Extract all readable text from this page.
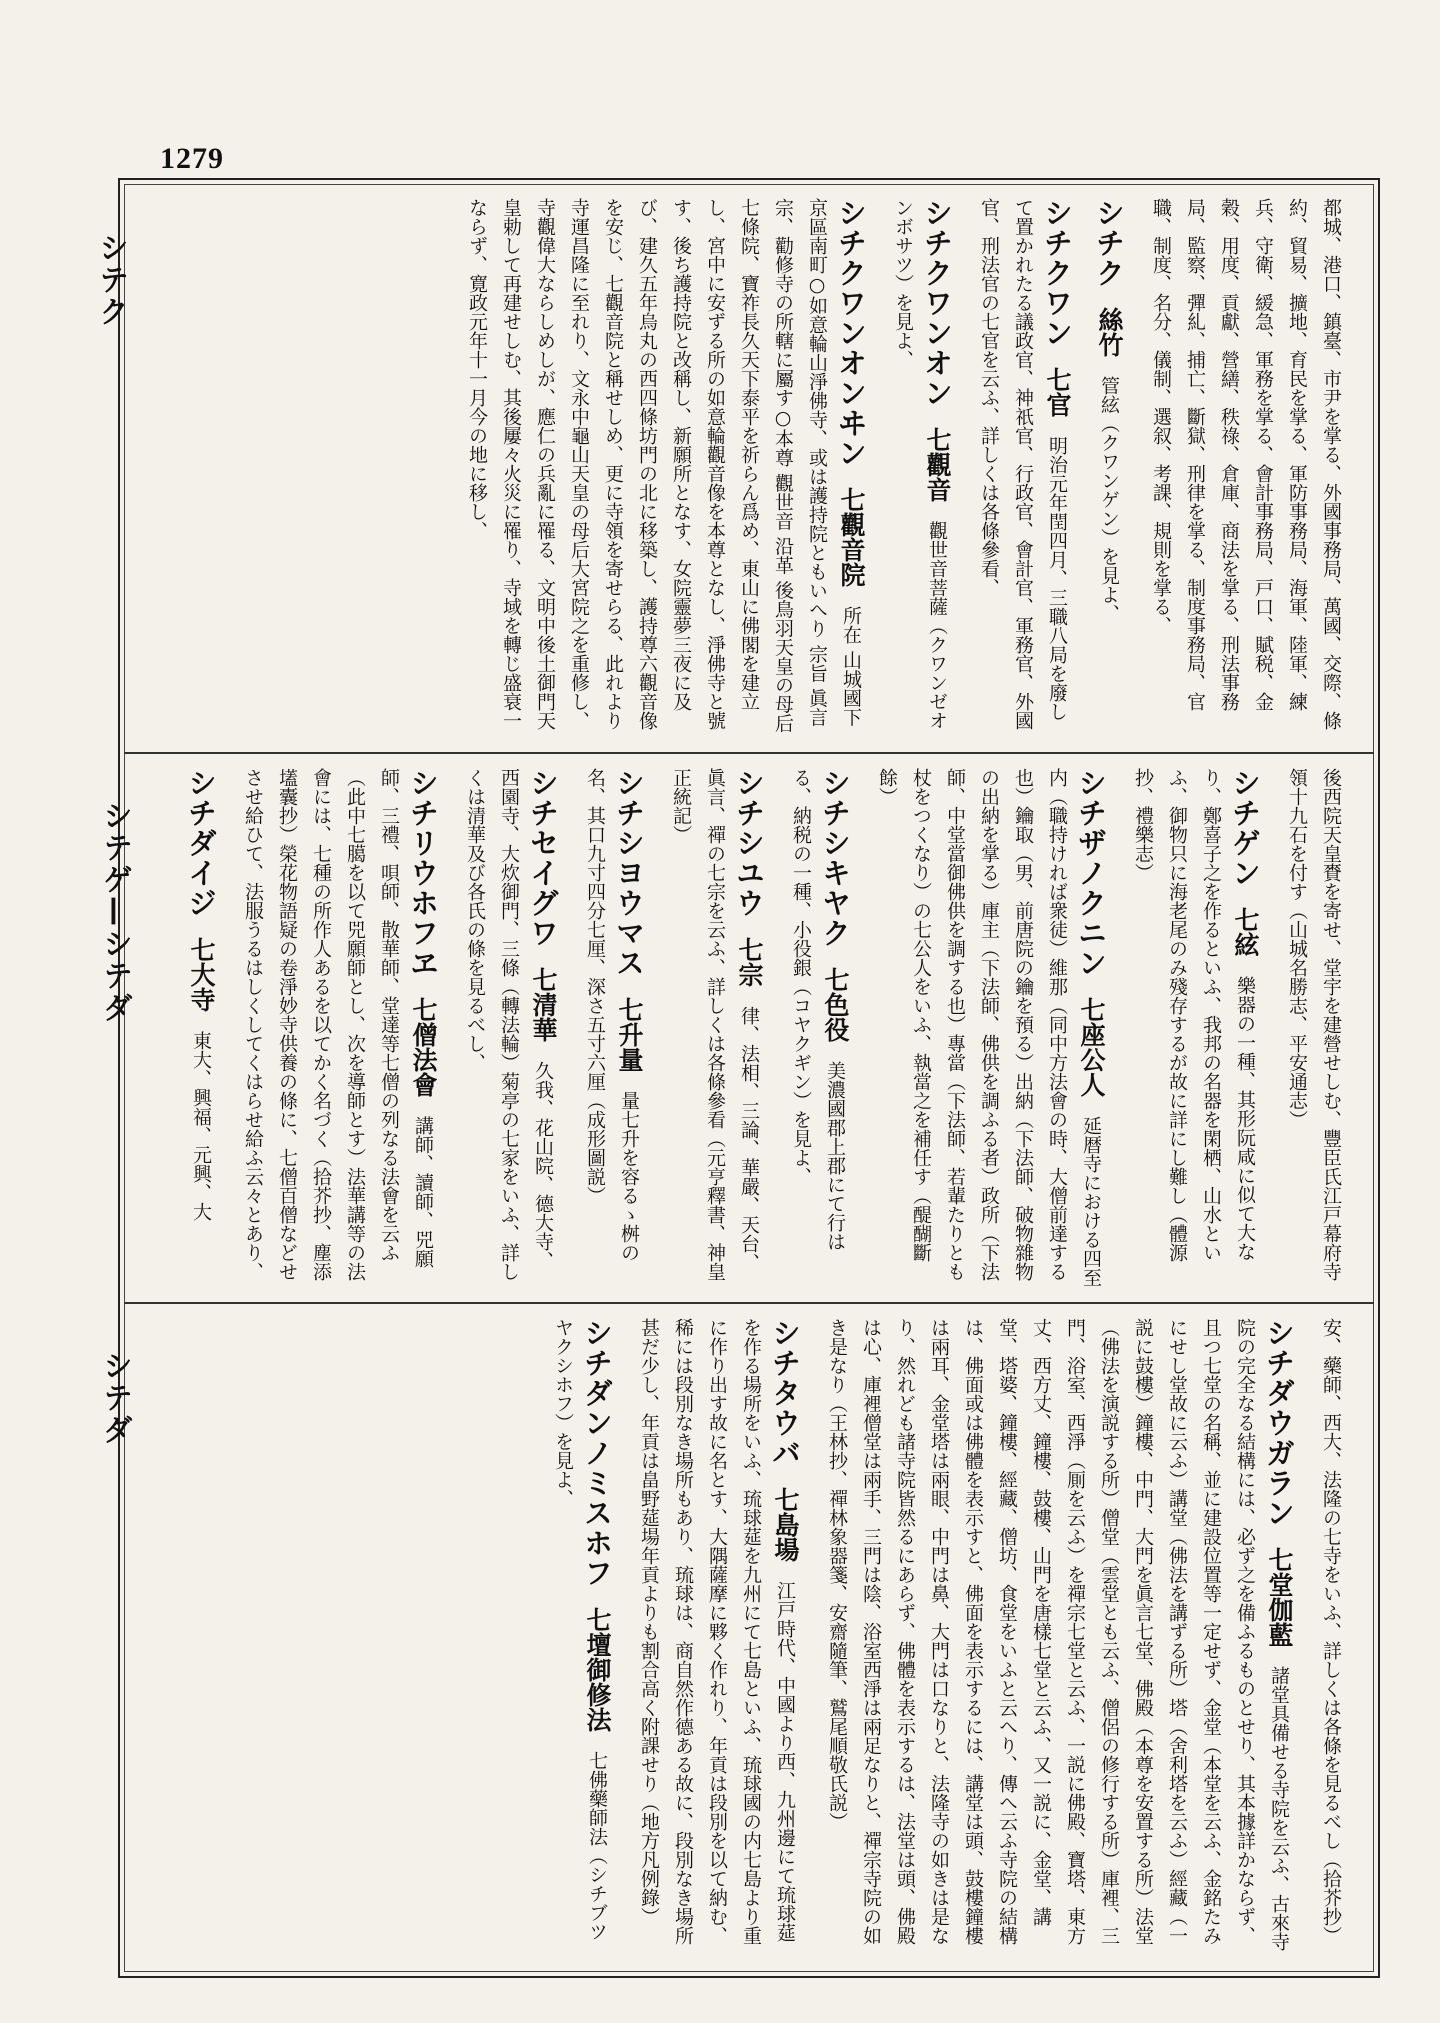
1279
シテク
シテゲ—シテダ
シテダ
都城、港口、鎮臺、市尹を掌る、外國事務局、萬國、交際、條約、貿易、擴地、育民を掌る、軍防事務局、海軍、陸軍、練兵、守衛、緩急、軍務を掌る、會計事務局、戸口、賦税、金穀、用度、貢獻、營繕、秩祿、倉庫、商法を掌る、刑法事務局、監察、彈糺、捕亡、斷獄、刑律を掌る、制度事務局、官職、制度、名分、儀制、選叙、考課、規則を掌る、
シチク　絲竹　管絃（クワンゲン）を見よ、
シチクワン　七官　明治元年閏四月、三職八局を廢して置かれたる議政官、神祇官、行政官、會計官、軍務官、外國官、刑法官の七官を云ふ、詳しくは各條參看、
シチクワンオン　七觀音　觀世音菩薩（クワンゼオンボサツ）を見よ、
シチクワンオンヰン　七觀音院　所在 山城國下京區南町○如意輪山淨佛寺、或は護持院ともいへり 宗旨 眞言宗、勸修寺の所轄に屬す○本尊 觀世音 沿革 後鳥羽天皇の母后七條院、寶祚長久天下泰平を祈らん爲め、東山に佛閣を建立し、宮中に安ずる所の如意輪觀音像を本尊となし、淨佛寺と號す、後ち護持院と改稱し、新願所となす、女院靈夢三夜に及び、建久五年烏丸の西四條坊門の北に移築し、護持尊六觀音像を安じ、七觀音院と稱せしめ、更に寺領を寄せらる、此れより寺運昌隆に至れり、文永中龜山天皇の母后大宮院之を重修し、寺觀偉大ならしめしが、應仁の兵亂に罹る、文明中後土御門天皇勅して再建せしむ、其後屢々火災に罹り、寺域を轉じ盛衰一ならず、寛政元年十一月今の地に移し、
後西院天皇賚を寄せ、堂宇を建營せしむ、豐臣氏江戸幕府寺領十九石を付す（山城名勝志、平安通志）
シチゲン　七絃　樂器の一種、其形阮咸に似て大なり、鄭喜子之を作るといふ、我邦の名器を閑栖、山水といふ、御物只に海老尾のみ殘存するが故に詳にし難し（體源抄、禮樂志）
シチザノクニン　七座公人　延暦寺における四至内（職持ければ衆徒）維那（同中方法會の時、大僧前達する也）鑰取（男、前唐院の鑰を預る）出納（下法師、破物雜物の出納を掌る）庫主（下法師、佛供を調ふる者）政所（下法師、中堂當御佛供を調する也）專當（下法師、若輩たりとも杖をつくなり）の七公人をいふ、執當之を補任す（醍醐斷餘）
シチシキヤク　七色役　美濃國郡上郡にて行はる、納税の一種、小役銀（コヤクギン）を見よ、
シチシユウ　七宗　律、法相、三論、華嚴、天台、眞言、禪の七宗を云ふ、詳しくは各條參看（元亨釋書、神皇正統記）
シチシヨウマス　七升量　量七升を容るゝ桝の名、其口九寸四分七厘、深さ五寸六厘（成形圖説）
シチセイグワ　七清華　久我、花山院、德大寺、西園寺、大炊御門、三條（轉法輪）菊亭の七家をいふ、詳しくは清華及び各氏の條を見るべし、
シチリウホフヱ　七僧法會　講師、讀師、兕願師、三禮、唄師、散華師、堂達等七僧の列なる法會を云ふ（此中七臈を以て兕願師とし、次を導師とす）法華講等の法會には、七種の所作人あるを以てかく名づく（拾芥抄、塵添壒囊抄）榮花物語疑の卷淨妙寺供養の條に、七僧百僧などせさせ給ひて、法服うるはしくしてくはらせ給ふ云々とあり、
シチダイジ　七大寺　東大、興福、元興、大
安、藥師、西大、法隆の七寺をいふ、詳しくは各條を見るべし（拾芥抄）
シチダウガラン　七堂伽藍　諸堂具備せる寺院を云ふ、古來寺院の完全なる結構には、必ず之を備ふるものとせり、其本據詳かならず、且つ七堂の名稱、並に建設位置等一定せず、金堂（本堂を云ふ、金銘たみにせし堂故に云ふ）講堂（佛法を講ずる所）塔（舍利塔を云ふ）經藏（一説に鼓樓）鐘樓、中門、大門を眞言七堂、佛殿（本尊を安置する所）法堂（佛法を演説する所）僧堂（雲堂とも云ふ、僧侶の修行する所）庫裡、三門、浴室、西淨（厠を云ふ）を禪宗七堂と云ふ、一説に佛殿、寶塔、東方丈、西方丈、鐘樓、鼓樓、山門を唐樣七堂と云ふ、又一説に、金堂、講堂、塔婆、鐘樓、經藏、僧坊、食堂をいふと云へり、傳へ云ふ寺院の結構は、佛面或は佛體を表示すと、佛面を表示するには、講堂は頭、鼓樓鐘樓は兩耳、金堂塔は兩眼、中門は鼻、大門は口なりと、法隆寺の如きは是なり、然れども諸寺院皆然るにあらず、佛體を表示するは、法堂は頭、佛殿は心、庫裡僧堂は兩手、三門は陰、浴室西淨は兩足なりと、禪宗寺院の如き是なり（王林抄、禪林象器箋、安齋隨筆、鷲尾順敬氏説）
シチタウバ　七島場　江戸時代、中國より西、九州邊にて琉球莚を作る場所をいふ、琉球莚を九州にて七島といふ、琉球國の内七島より重に作り出す故に名とす、大隅薩摩に夥く作れり、年貢は段別を以て納む、稀には段別なき場所もあり、琉球は、商自然作德ある故に、段別なき場所甚だ少し、年貢は畠野莚場年貢よりも割合高く附課せり（地方凡例錄）
シチダンノミスホフ　七壇御修法　七佛藥師法（シチブツヤクシホフ）を見よ、
